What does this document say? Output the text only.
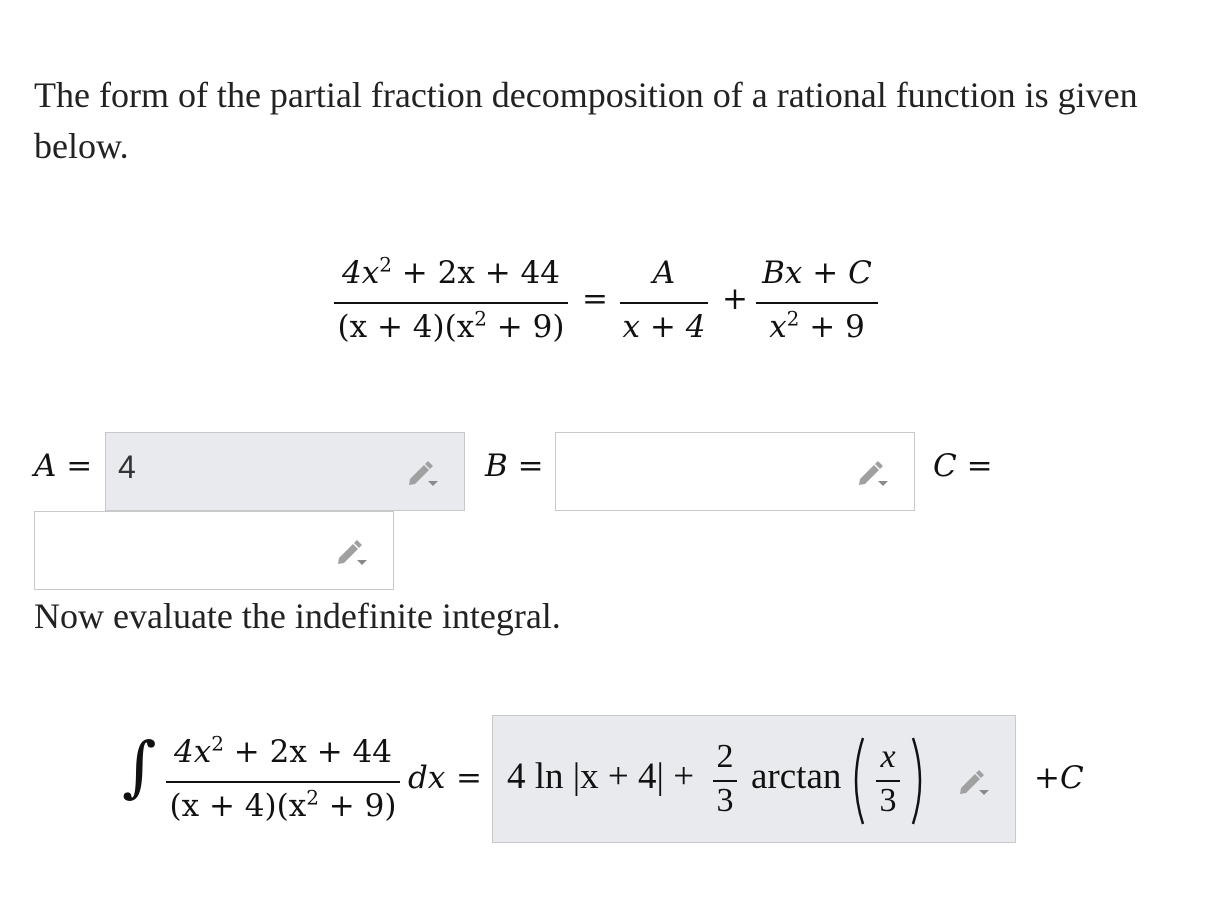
The form of the partial fraction decomposition of a rational function is given
below.
$4x^2 + 2x + 44$
$(x + 4)(x^2 + 9)$
=
A
x + 4
+
Bx + C
$x^2 + 9$
A = 4	B =	C =
Now evaluate the indefinite integral.
∫ $4x^2 + 2x + 44$
$(x + 4)(x^2 + 9)$
dx = 4 ln |x + 4| + 2
3
arctan x
3
+C
